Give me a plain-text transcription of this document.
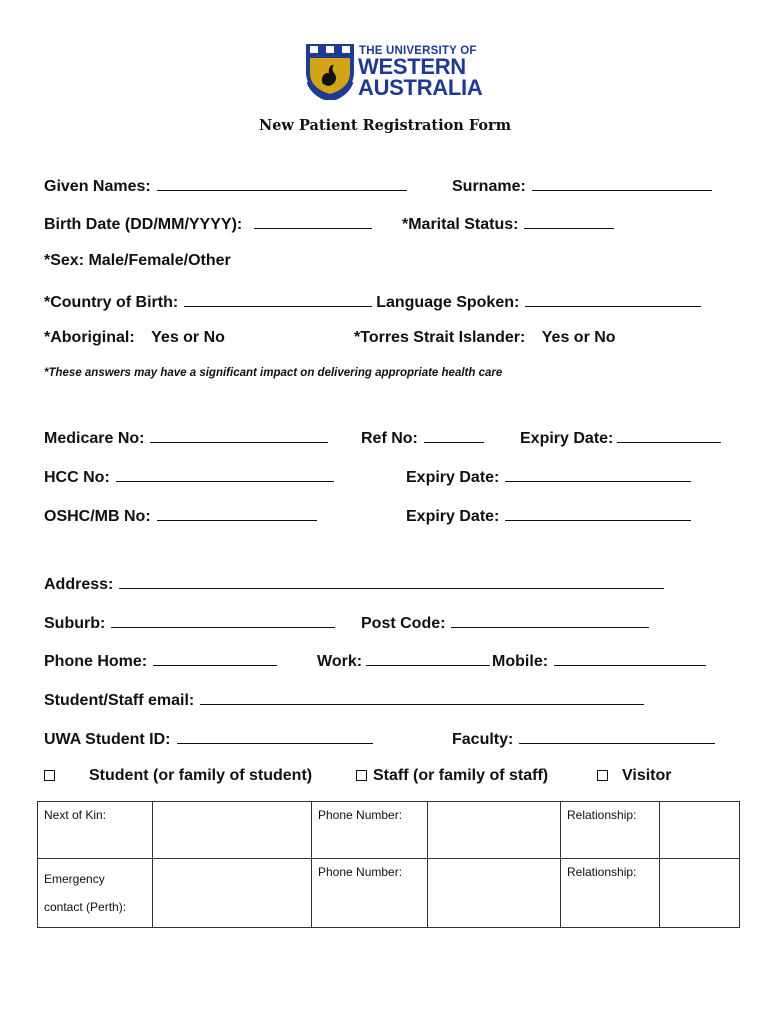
THE UNIVERSITY OF
WESTERN
AUSTRALIA
New Patient Registration Form
Given Names:	Surname:
Birth Date (DD/MM/YYYY):	*Marital Status:
*Sex: Male/Female/Other
*Country of Birth:	Language Spoken:
*Aboriginal: Yes or No	*Torres Strait Islander: Yes or No
*These answers may have a significant impact on delivering appropriate health care
Medicare No:	Ref No:	Expiry Date:
HCC No:	Expiry Date:
OSHC/MB No:	Expiry Date:
Address:
Suburb:	Post Code:
Phone Home:	Work:	Mobile:
Student/Staff email:
UWA Student ID:	Faculty:
Student (or family of student)	Staff (or family of staff)	Visitor
Next of Kin:		Phone Number:		Relationship:	

Emergency
contact (Perth):		Phone Number:		Relationship:	
